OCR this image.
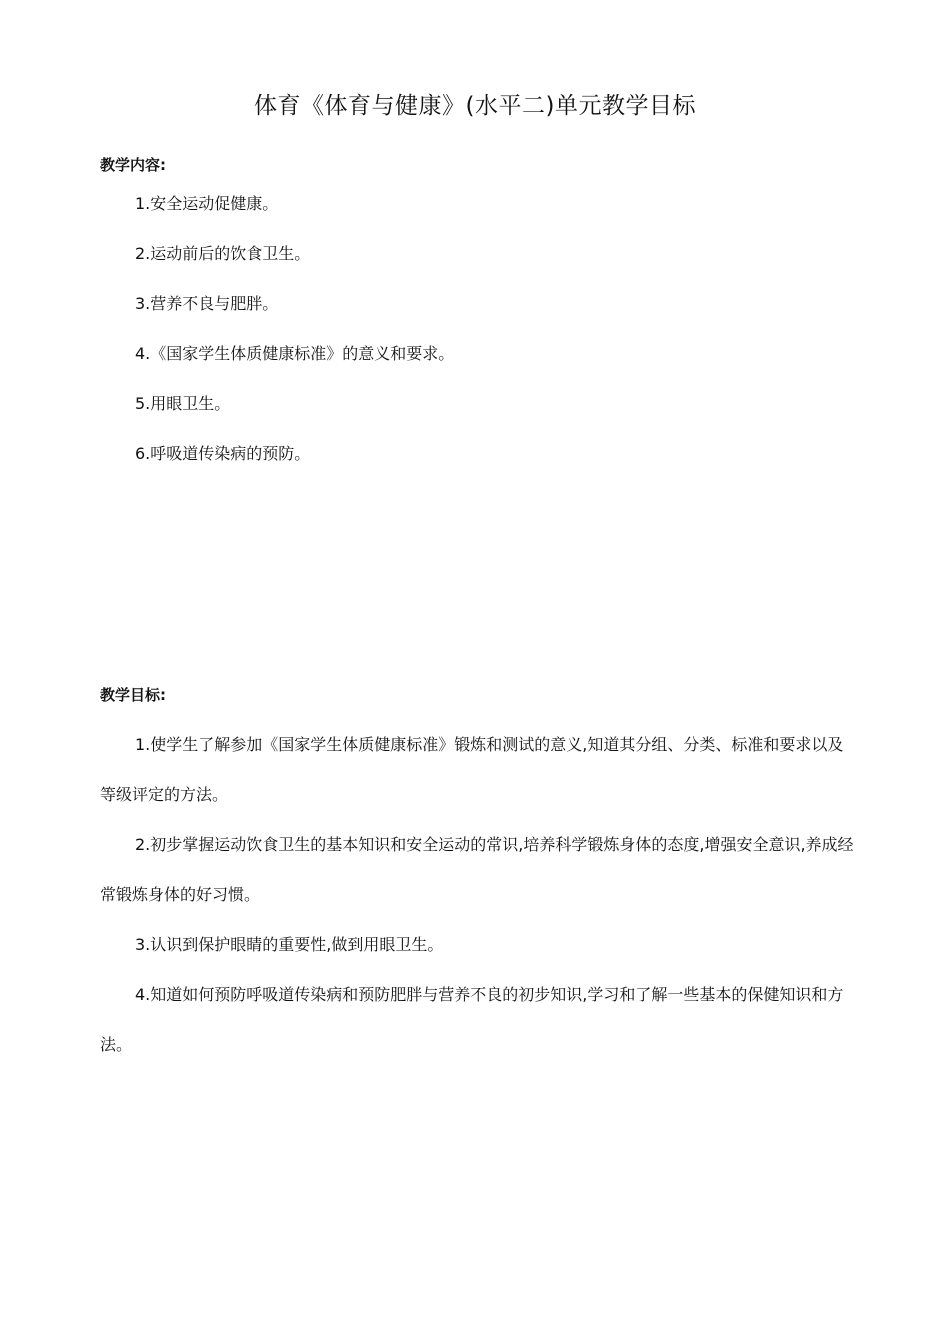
体育《体育与健康》(水平二)单元教学目标
教学内容:
1.安全运动促健康。
2.运动前后的饮食卫生。
3.营养不良与肥胖。
4.《国家学生体质健康标准》的意义和要求。
5.用眼卫生。
6.呼吸道传染病的预防。
教学目标:

1.使学生了解参加《国家学生体质健康标准》锻炼和测试的意义,知道其分组、分类、标准和要求以及等级评定的方法。

2.初步掌握运动饮食卫生的基本知识和安全运动的常识,培养科学锻炼身体的态度,增强安全意识,养成经常锻炼身体的好习惯。

3.认识到保护眼睛的重要性,做到用眼卫生。

4.知道如何预防呼吸道传染病和预防肥胖与营养不良的初步知识,学习和了解一些基本的保健知识和方法。
